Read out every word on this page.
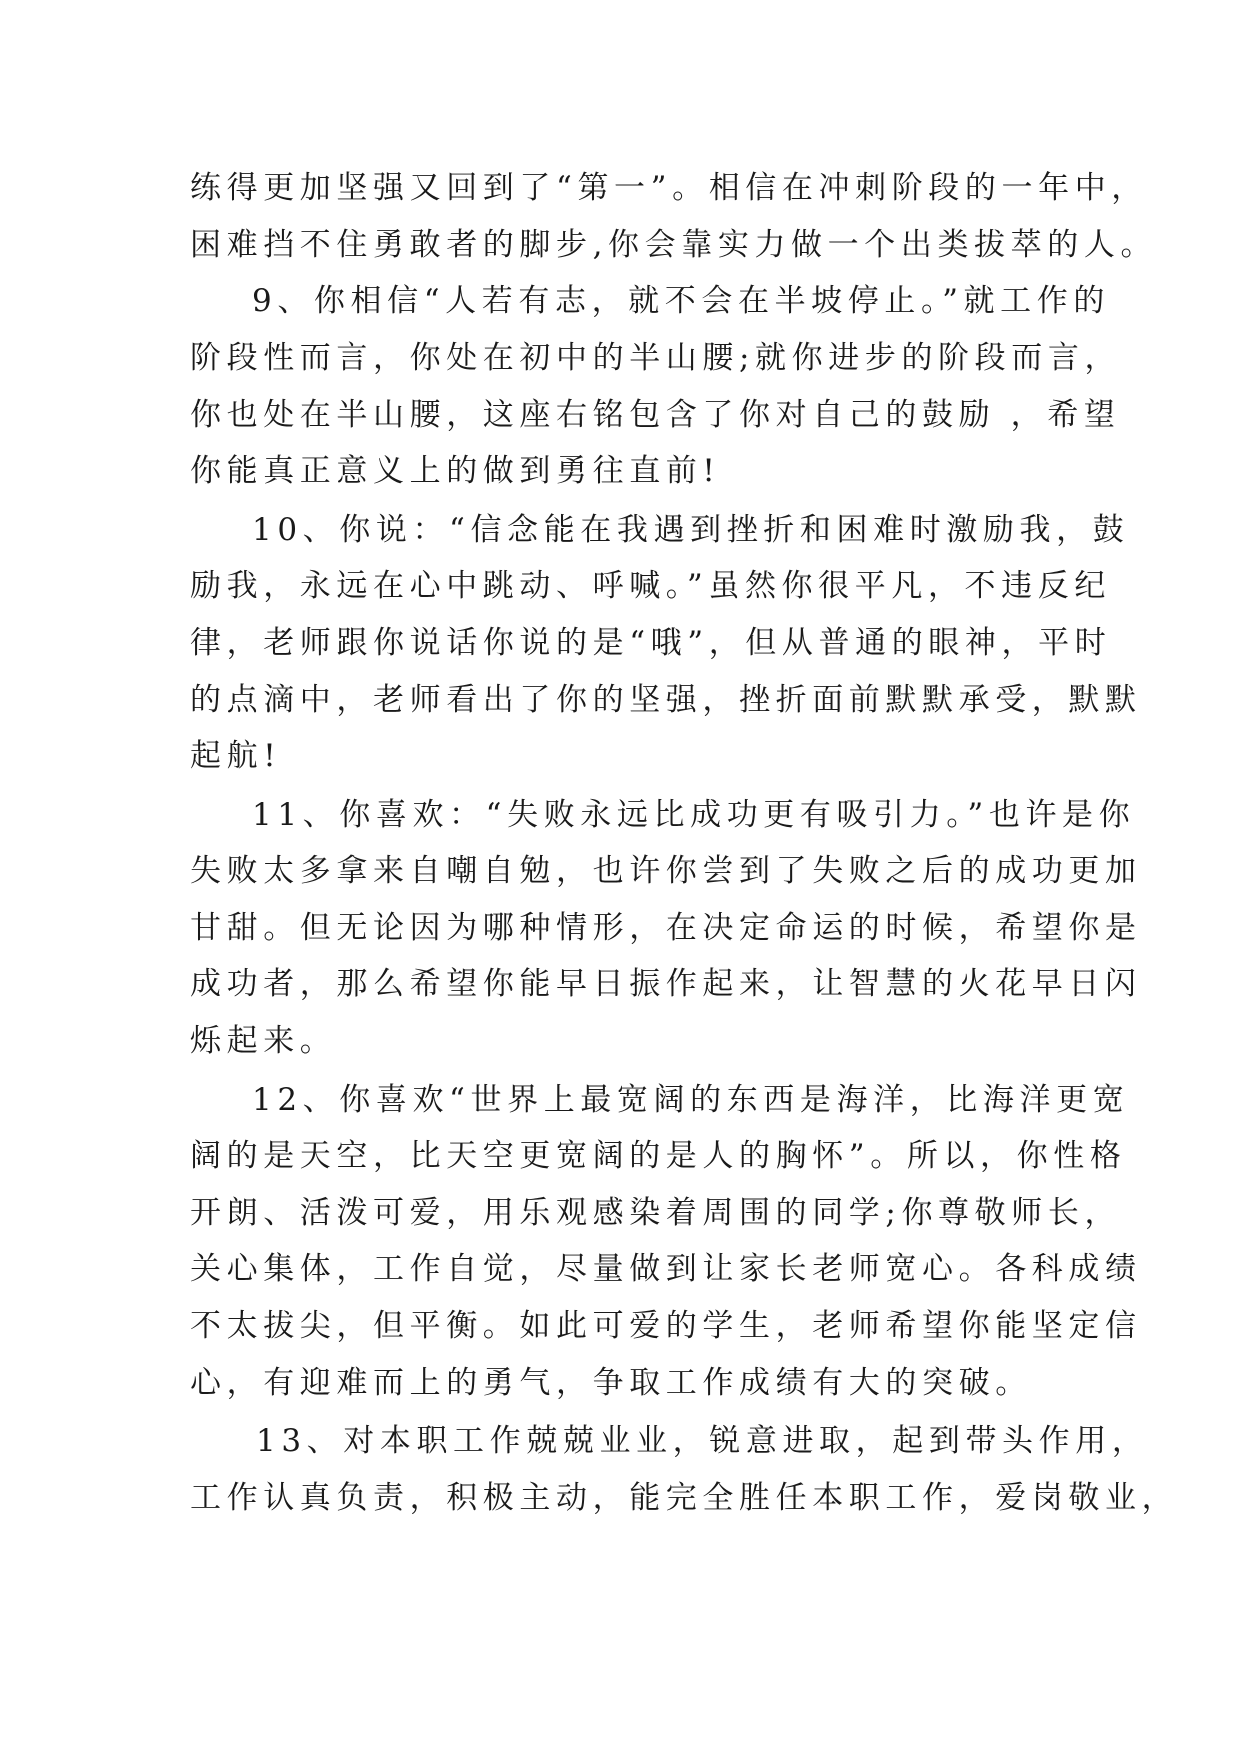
练得更加坚强又回到了“第一”。相信在冲刺阶段的一年中，
困难挡不住勇敢者的脚步,你会靠实力做一个出类拔萃的人。
9、你相信“人若有志，就不会在半坡停止。”就工作的
阶段性而言，你处在初中的半山腰;就你进步的阶段而言，
你也处在半山腰，这座右铭包含了你对自己的鼓励 ，希望
你能真正意义上的做到勇往直前!
10、你说：“信念能在我遇到挫折和困难时激励我，鼓
励我，永远在心中跳动、呼喊。”虽然你很平凡，不违反纪
律，老师跟你说话你说的是“哦”，但从普通的眼神，平时
的点滴中，老师看出了你的坚强，挫折面前默默承受，默默
起航!
11、你喜欢：“失败永远比成功更有吸引力。”也许是你
失败太多拿来自嘲自勉，也许你尝到了失败之后的成功更加
甘甜。但无论因为哪种情形，在决定命运的时候，希望你是
成功者，那么希望你能早日振作起来，让智慧的火花早日闪
烁起来。
12、你喜欢“世界上最宽阔的东西是海洋，比海洋更宽
阔的是天空，比天空更宽阔的是人的胸怀”。所以，你性格
开朗、活泼可爱，用乐观感染着周围的同学;你尊敬师长，
关心集体，工作自觉，尽量做到让家长老师宽心。各科成绩
不太拔尖，但平衡。如此可爱的学生，老师希望你能坚定信
心，有迎难而上的勇气，争取工作成绩有大的突破。
13、对本职工作兢兢业业，锐意进取，起到带头作用，
工作认真负责，积极主动，能完全胜任本职工作，爱岗敬业，
